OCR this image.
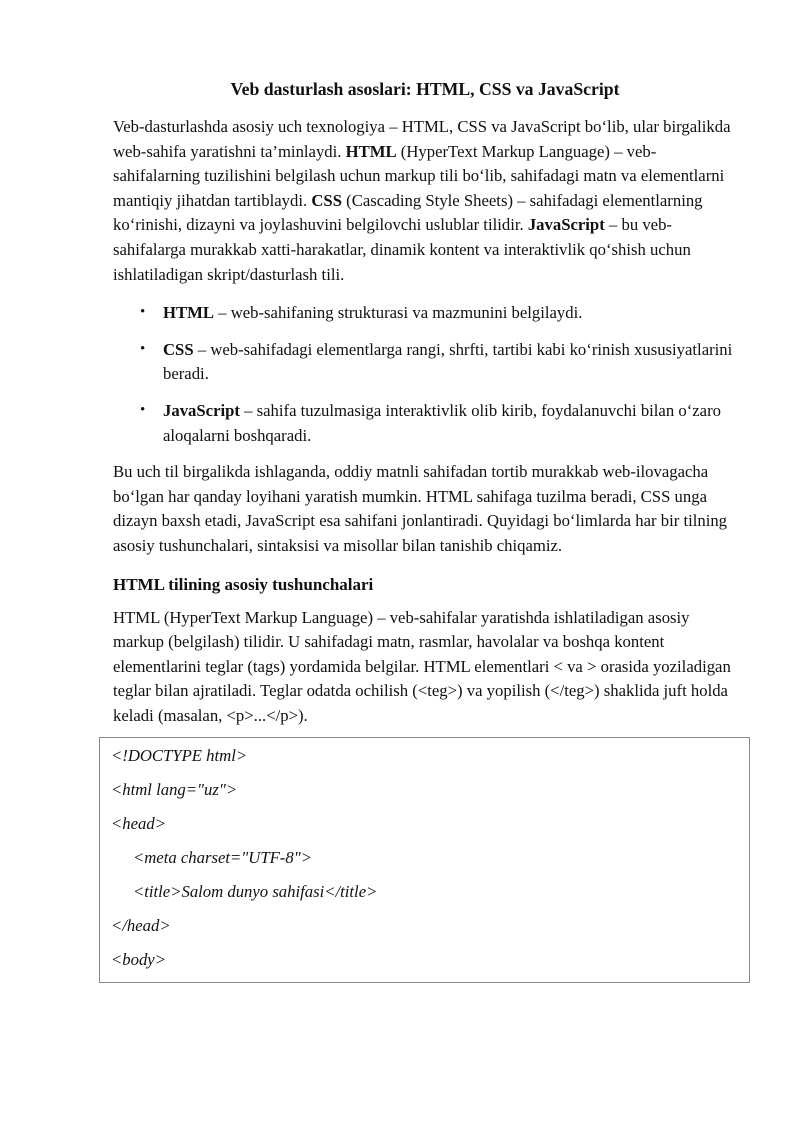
Veb dasturlash asoslari: HTML, CSS va JavaScript

Veb-dasturlashda asosiy uch texnologiya – HTML, CSS va JavaScript bo‘lib, ular birgalikda web-sahifa yaratishni ta’minlaydi. HTML (HyperText Markup Language) – veb-sahifalarning tuzilishini belgilash uchun markup tili bo‘lib, sahifadagi matn va elementlarni mantiqiy jihatdan tartiblaydi. CSS (Cascading Style Sheets) – sahifadagi elementlarning ko‘rinishi, dizayni va joylashuvini belgilovchi uslublar tilidir. JavaScript – bu veb-sahifalarga murakkab xatti-harakatlar, dinamik kontent va interaktivlik qo‘shish uchun ishlatiladigan skript/dasturlash tili.

• HTML – web-sahifaning strukturasi va mazmunini belgilaydi.
• CSS – web-sahifadagi elementlarga rangi, shrfti, tartibi kabi ko‘rinish xususiyatlarini beradi.
• JavaScript – sahifa tuzulmasiga interaktivlik olib kirib, foydalanuvchi bilan o‘zaro aloqalarni boshqaradi.

Bu uch til birgalikda ishlaganda, oddiy matnli sahifadan tortib murakkab web-ilovagacha bo‘lgan har qanday loyihani yaratish mumkin. HTML sahifaga tuzilma beradi, CSS unga dizayn baxsh etadi, JavaScript esa sahifani jonlantiradi. Quyidagi bo‘limlarda har bir tilning asosiy tushunchalari, sintaksisi va misollar bilan tanishib chiqamiz.

HTML tilining asosiy tushunchalari

HTML (HyperText Markup Language) – veb-sahifalar yaratishda ishlatiladigan asosiy markup (belgilash) tilidir. U sahifadagi matn, rasmlar, havolalar va boshqa kontent elementlarini teglar (tags) yordamida belgilar. HTML elementlari < va > orasida yoziladigan teglar bilan ajratiladi. Teglar odatda ochilish (<teg>) va yopilish (</teg>) shaklida juft holda keladi (masalan, <p>...</p>).

<!DOCTYPE html>

<html lang="uz">

<head>

<meta charset="UTF-8">

<title>Salom dunyo sahifasi</title>

</head>

<body>
